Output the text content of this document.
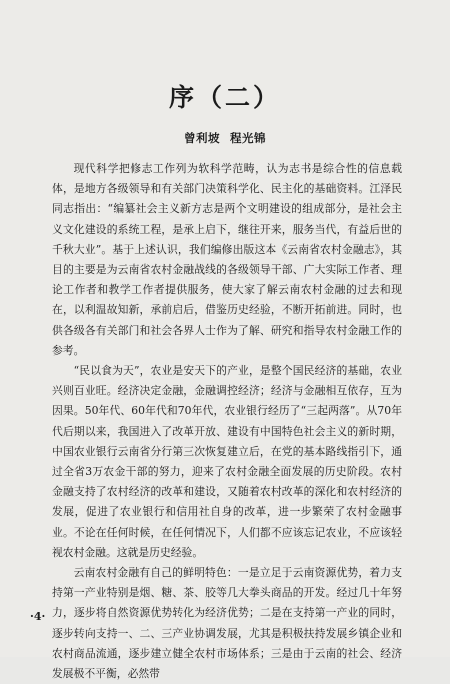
序（二）
曾利坡 程光锦

现代科学把修志工作列为软科学范畴，认为志书是综合性的信息载体，是地方各级领导和有关部门决策科学化、民主化的基础资料。江泽民同志指出：“编纂社会主义新方志是两个文明建设的组成部分，是社会主义文化建设的系统工程，是承上启下，继往开来，服务当代，有益后世的千秋大业”。基于上述认识，我们编修出版这本《云南省农村金融志》，其目的主要是为云南省农村金融战线的各级领导干部、广大实际工作者、理论工作者和教学工作者提供服务，使大家了解云南农村金融的过去和现在，以利温故知新，承前启后，借鉴历史经验，不断开拓前进。同时，也供各级各有关部门和社会各界人士作为了解、研究和指导农村金融工作的参考。

“民以食为天”，农业是安天下的产业，是整个国民经济的基础，农业兴则百业旺。经济决定金融，金融调控经济；经济与金融相互依存，互为因果。50年代、60年代和70年代，农业银行经历了“三起两落”。从70年代后期以来，我国进入了改革开放、建设有中国特色社会主义的新时期，中国农业银行云南省分行第三次恢复建立后，在党的基本路线指引下，通过全省3万农金干部的努力，迎来了农村金融全面发展的历史阶段。农村金融支持了农村经济的改革和建设，又随着农村改革的深化和农村经济的发展，促进了农业银行和信用社自身的改革，进一步繁荣了农村金融事业。不论在任何时候，在任何情况下，人们都不应该忘记农业，不应该轻视农村金融。这就是历史经验。

云南农村金融有自己的鲜明特色：一是立足于云南资源优势，着力支持第一产业特别是烟、糖、茶、胶等几大拳头商品的开发。经过几十年努力，逐步将自然资源优势转化为经济优势；二是在支持第一产业的同时，逐步转向支持一、二、三产业协调发展，尤其是积极扶持发展乡镇企业和农村商品流通，逐步建立健全农村市场体系；三是由于云南的社会、经济发展极不平衡，必然带

·4·
